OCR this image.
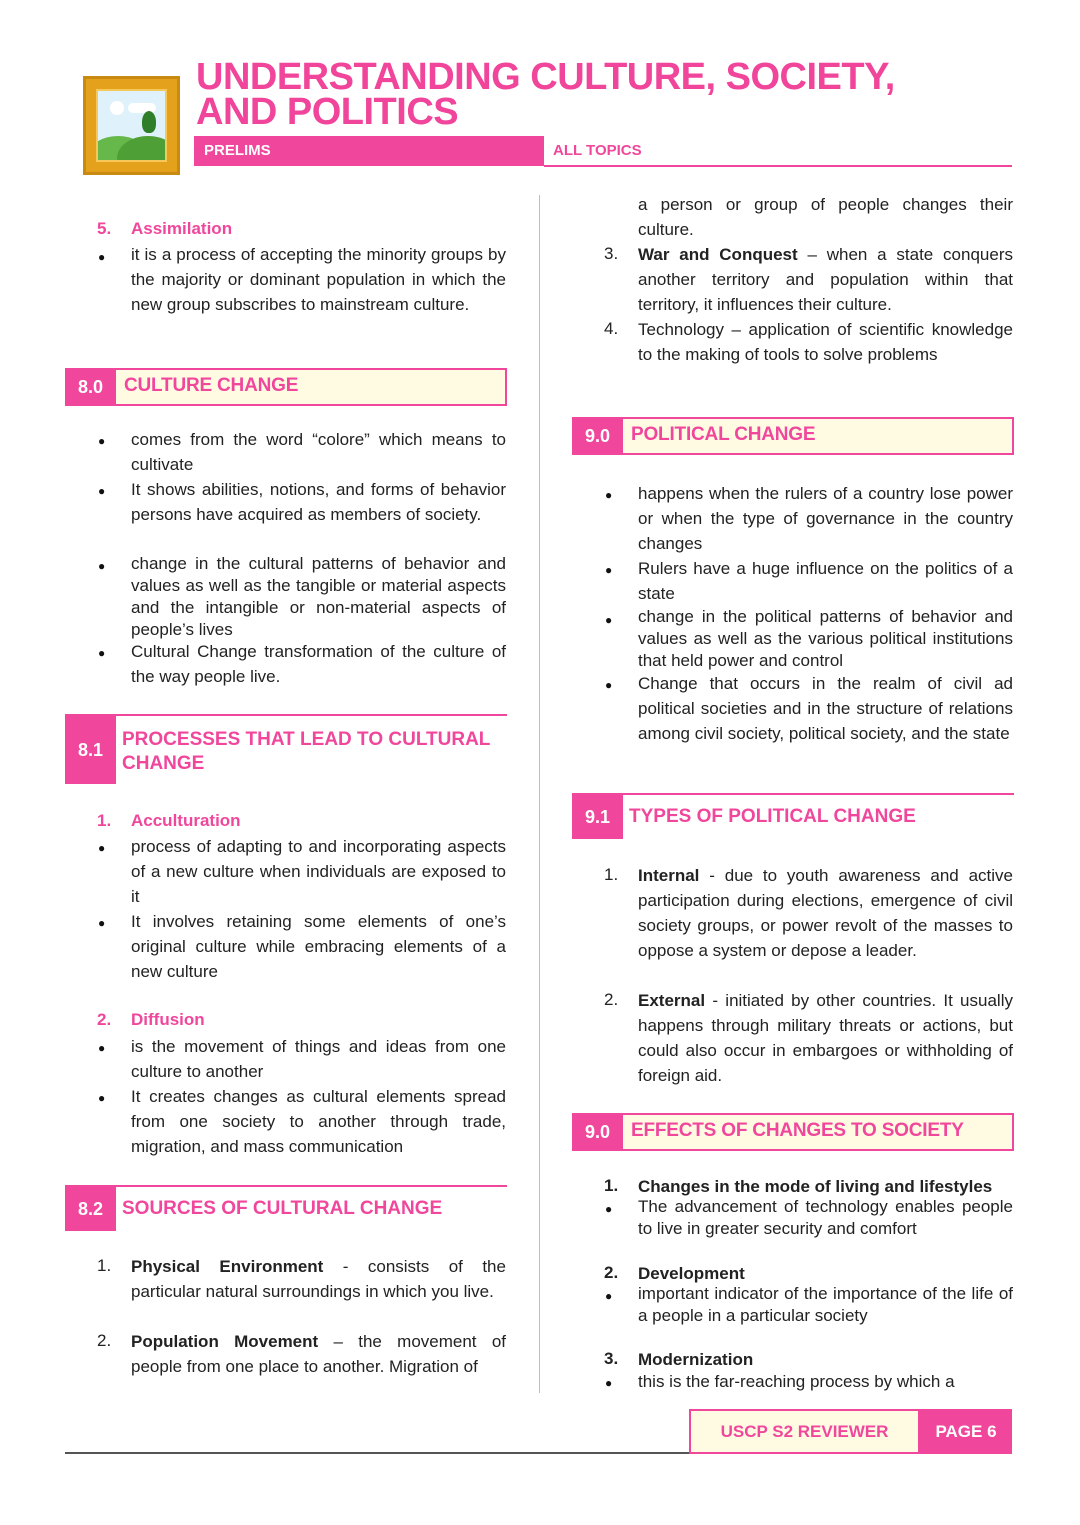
UNDERSTANDING CULTURE, SOCIETY,
AND POLITICS
PRELIMS	ALL TOPICS
5. Assimilation
● it is a process of accepting the minority groups by the majority or dominant population in which the new group subscribes to mainstream culture.
8.0	CULTURE CHANGE
● comes from the word “colore” which means to cultivate
● It shows abilities, notions, and forms of behavior persons have acquired as members of society.
● change in the cultural patterns of behavior and values as well as the tangible or material aspects and the intangible or non-material aspects of people’s lives
● Cultural Change transformation of the culture of the way people live.
8.1 PROCESSES THAT LEAD TO CULTURAL
CHANGE
1. Acculturation
● process of adapting to and incorporating aspects of a new culture when individuals are exposed to it
● It involves retaining some elements of one’s original culture while embracing elements of a new culture
2. Diffusion
● is the movement of things and ideas from one culture to another
● It creates changes as cultural elements spread from one society to another through trade, migration, and mass communication
8.2 SOURCES OF CULTURAL CHANGE
1. Physical Environment - consists of the particular natural surroundings in which you live.
2. Population Movement – the movement of people from one place to another. Migration of
a person or group of people changes their culture.
3. War and Conquest – when a state conquers another territory and population within that territory, it influences their culture.
4. Technology – application of scientific knowledge to the making of tools to solve problems
9.0	POLITICAL CHANGE
● happens when the rulers of a country lose power or when the type of governance in the country changes
● Rulers have a huge influence on the politics of a state
● change in the political patterns of behavior and values as well as the various political institutions that held power and control
● Change that occurs in the realm of civil ad political societies and in the structure of relations among civil society, political society, and the state
9.1 TYPES OF POLITICAL CHANGE
1. Internal - due to youth awareness and active participation during elections, emergence of civil society groups, or power revolt of the masses to oppose a system or depose a leader.
2. External - initiated by other countries. It usually happens through military threats or actions, but could also occur in embargoes or withholding of foreign aid.
9.0	EFFECTS OF CHANGES TO SOCIETY
1. Changes in the mode of living and lifestyles
● The advancement of technology enables people to live in greater security and comfort
2. Development
● important indicator of the importance of the life of a people in a particular society
3. Modernization
● this is the far-reaching process by which a
USCP S2 REVIEWER	PAGE 6
